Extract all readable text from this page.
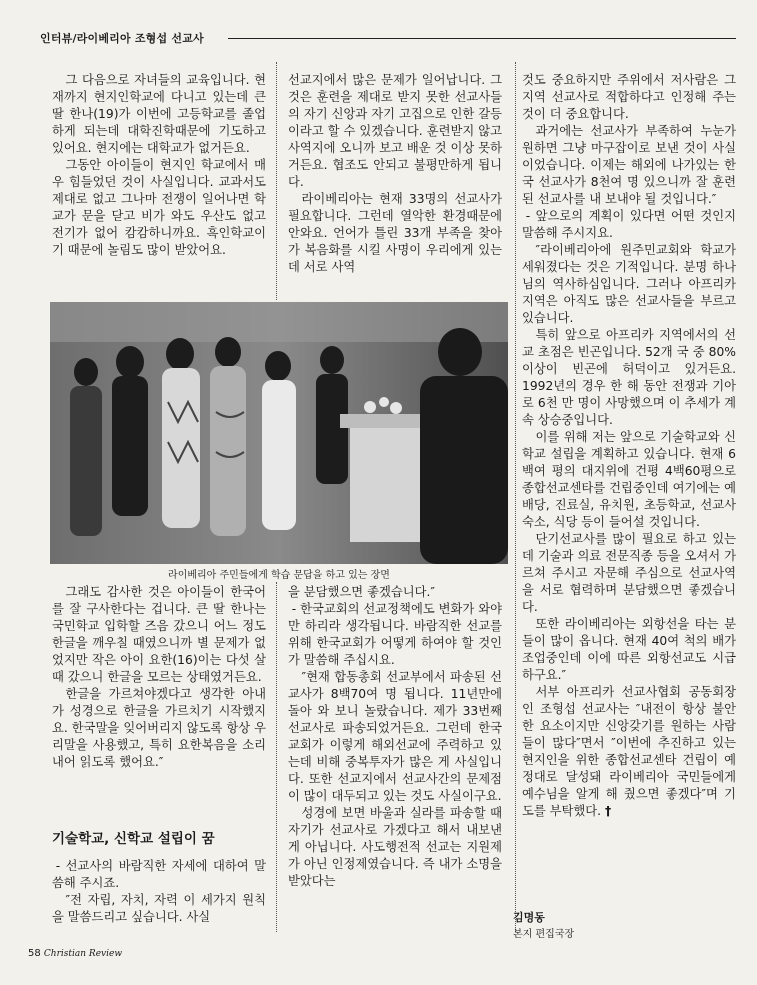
인터뷰/라이베리아 조형섭 선교사

그 다음으로 자녀들의 교육입니다. 현재까지 현지인학교에 다니고 있는데 큰 딸 한나(19)가 이번에 고등학교를 졸업하게 되는데 대학진학때문에 기도하고 있어요. 현지에는 대학교가 없거든요.

그동안 아이들이 현지인 학교에서 매우 힘들었던 것이 사실입니다. 교과서도 제대로 없고 그나마 전쟁이 일어나면 학교가 문을 닫고 비가 와도 우산도 없고 전기가 없어 캄캄하니까요. 흑인학교이기 때문에 놀림도 많이 받았어요.

선교지에서 많은 문제가 일어납니다. 그것은 훈련을 제대로 받지 못한 선교사들의 자기 신앙과 자기 고집으로 인한 갈등이라고 할 수 있겠습니다. 훈련받지 않고 사역지에 오니까 보고 배운 것 이상 못하거든요. 협조도 안되고 불평만하게 됩니다.

라이베리아는 현재 33명의 선교사가 필요합니다. 그런데 열악한 환경때문에 안와요. 언어가 틀린 33개 부족을 찾아가 복음화를 시킬 사명이 우리에게 있는데 서로 사역

라이베리아 주민들에게 학습 문답을 하고 있는 장면

그래도 감사한 것은 아이들이 한국어를 잘 구사한다는 겁니다. 큰 딸 한나는 국민학교 입학할 즈음 갔으니 어느 정도 한글을 깨우칠 때였으니까 별 문제가 없었지만 작은 아이 요한(16)이는 다섯 살때 갔으니 한글을 모르는 상태였거든요.

한글을 가르쳐야겠다고 생각한 아내가 성경으로 한글을 가르치기 시작했지요. 한국말을 잊어버리지 않도록 항상 우리말을 사용했고, 특히 요한복음을 소리내어 읽도록 했어요.″

기술학교, 신학교 설립이 꿈

- 선교사의 바람직한 자세에 대하여 말씀해 주시죠.

″전 자립, 자치, 자력 이 세가지 원칙을 말씀드리고 싶습니다. 사실

을 분담했으면 좋겠습니다.″

- 한국교회의 선교정책에도 변화가 와야만 하리라 생각됩니다. 바람직한 선교를 위해 한국교회가 어떻게 하여야 할 것인가 말씀해 주십시요.

″현재 합동총회 선교부에서 파송된 선교사가 8백70여 명 됩니다. 11년만에 돌아 와 보니 놀랐습니다. 제가 33번째 선교사로 파송되었거든요. 그런데 한국교회가 이렇게 해외선교에 주력하고 있는데 비해 중복투자가 많은 게 사실입니다. 또한 선교지에서 선교사간의 문제점이 많이 대두되고 있는 것도 사실이구요.

성경에 보면 바울과 실라를 파송할 때 자기가 선교사로 가겠다고 해서 내보낸게 아닙니다. 사도행전적 선교는 지원제가 아닌 인정제였습니다. 즉 내가 소명을 받았다는

것도 중요하지만 주위에서 저사람은 그 지역 선교사로 적합하다고 인정해 주는 것이 더 중요합니다.

과거에는 선교사가 부족하여 누눈가 원하면 그냥 마구잡이로 보낸 것이 사실이었습니다. 이제는 해외에 나가있는 한국 선교사가 8천여 명 있으니까 잘 훈련된 선교사를 내 보내야 될 것입니다.″

- 앞으로의 계획이 있다면 어떤 것인지 말씀해 주시지요.

″라이베리아에 원주민교회와 학교가 세워졌다는 것은 기적입니다. 분명 하나님의 역사하심입니다. 그러나 아프리카지역은 아직도 많은 선교사들을 부르고 있습니다.

특히 앞으로 아프리카 지역에서의 선교 초점은 빈곤입니다. 52개 국 중 80%이상이 빈곤에 허덕이고 있거든요. 1992년의 경우 한 해 동안 전쟁과 기아로 6천 만 명이 사망했으며 이 추세가 계속 상승중입니다.

이를 위해 저는 앞으로 기술학교와 신학교 설립을 계획하고 있습니다. 현재 6백여 평의 대지위에 건평 4백60평으로 종합선교센타를 건립중인데 여기에는 예배당, 진료실, 유치원, 초등학교, 선교사 숙소, 식당 등이 들어설 것입니다.

단기선교사를 많이 필요로 하고 있는데 기술과 의료 전문직종 등을 오셔서 가르쳐 주시고 자문해 주심으로 선교사역을 서로 협력하며 분담했으면 좋겠습니다.

또한 라이베리아는 외항선을 타는 분들이 많이 옵니다. 현재 40여 척의 배가 조업중인데 이에 따른 외항선교도 시급하구요.″

서부 아프리카 선교사협회 공동회장인 조형섭 선교사는 ″내전이 항상 불안한 요소이지만 신앙갖기를 원하는 사람들이 많다″면서 ″이번에 추진하고 있는 현지인을 위한 종합선교센타 건립이 예정대로 달성돼 라이베리아 국민들에게 예수님을 알게 해 줬으면 좋겠다″며 기도를 부탁했다. †

김명동
본지 편집국장
58 Christian Review
